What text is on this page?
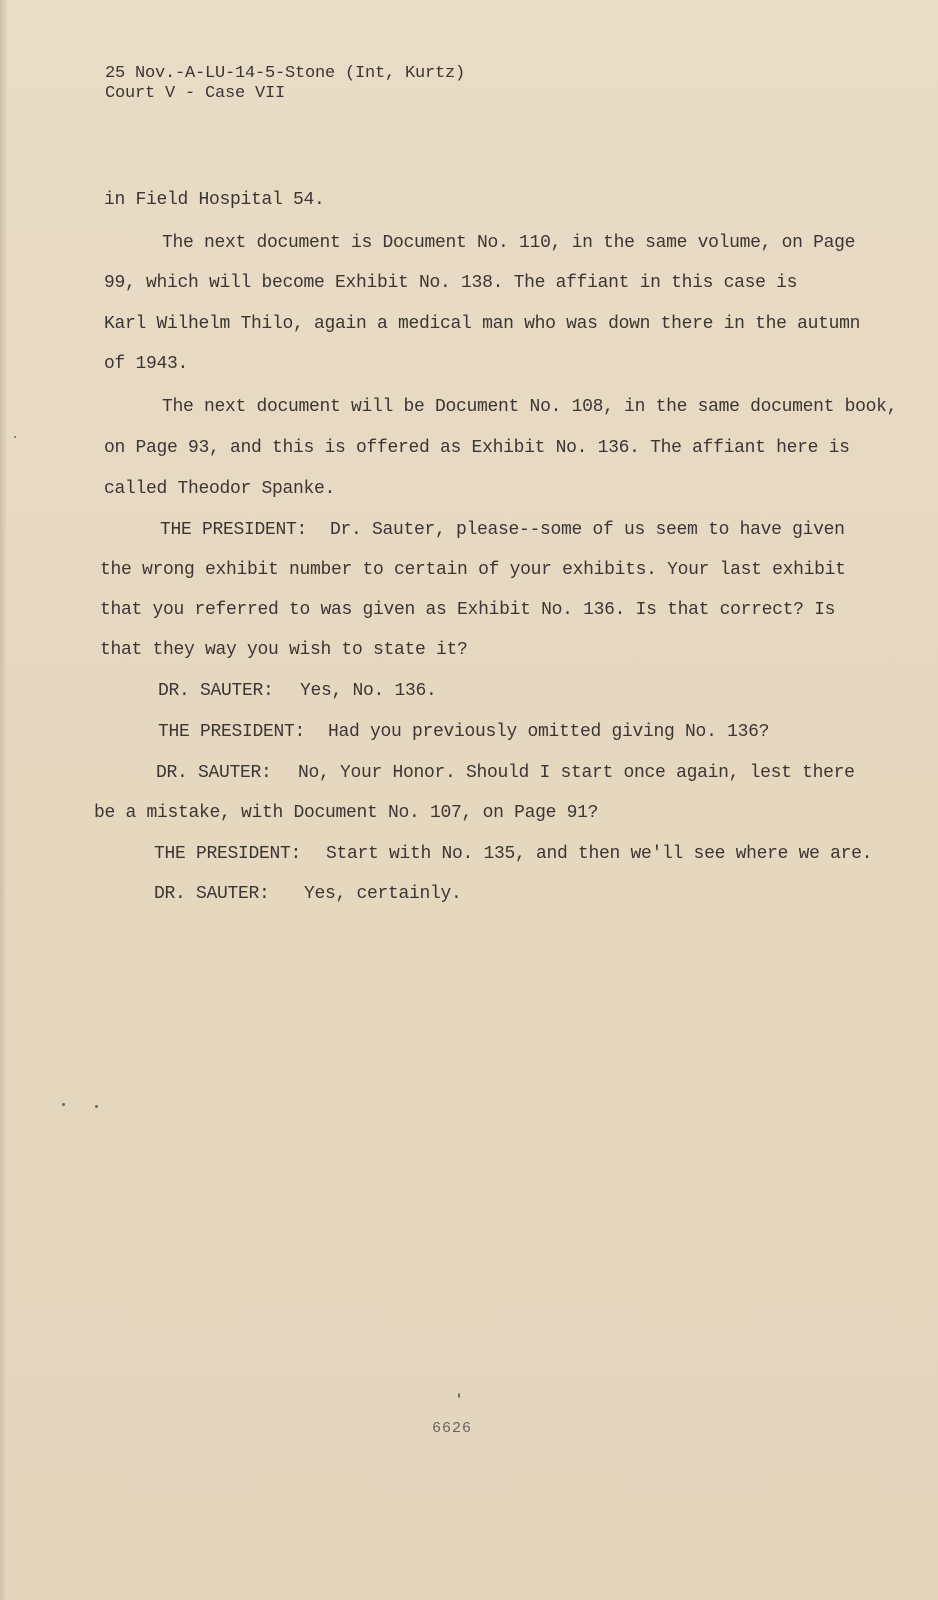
25 Nov.-A-LU-14-5-Stone (Int, Kurtz)
Court V - Case VII
in Field Hospital 54.
The next document is Document No. 110, in the same volume, on Page
99, which will become Exhibit No. 138. The affiant in this case is
Karl Wilhelm Thilo, again a medical man who was down there in the autumn
of 1943.
The next document will be Document No. 108, in the same document book,
on Page 93, and this is offered as Exhibit No. 136. The affiant here is
called Theodor Spanke.
THE PRESIDENT: Dr. Sauter, please--some of us seem to have given
the wrong exhibit number to certain of your exhibits. Your last exhibit
that you referred to was given as Exhibit No. 136. Is that correct? Is
that they way you wish to state it?
DR. SAUTER: Yes, No. 136.
THE PRESIDENT: Had you previously omitted giving No. 136?
DR. SAUTER: No, Your Honor. Should I start once again, lest there
be a mistake, with Document No. 107, on Page 91?
THE PRESIDENT: Start with No. 135, and then we'll see where we are.
DR. SAUTER: Yes, certainly.
6626
